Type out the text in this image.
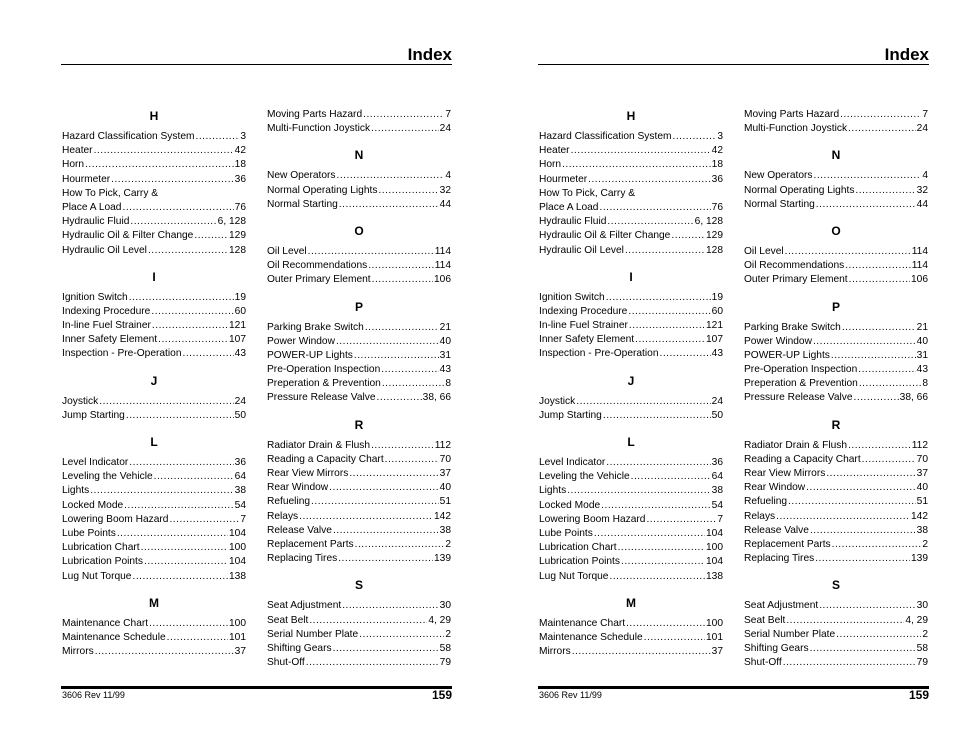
Index
H
Hazard Classification System .....	3
Heater .....	42
Horn .....	18
Hourmeter .....	36
How To Pick, Carry &
Place A Load .....	76
Hydraulic Fluid .....	6, 128
Hydraulic Oil & Filter Change .....	129
Hydraulic Oil Level .....	128
I
Ignition Switch .....	19
Indexing Procedure .....	60
In-line Fuel Strainer .....	121
Inner Safety Element .....	107
Inspection - Pre-Operation .....	43
J
Joystick .....	24
Jump Starting .....	50
L
Level Indicator .....	36
Leveling the Vehicle .....	64
Lights .....	38
Locked Mode .....	54
Lowering Boom Hazard .....	7
Lube Points .....	104
Lubrication Chart .....	100
Lubrication Points .....	104
Lug Nut Torque .....	138
M
Maintenance Chart .....	100
Maintenance Schedule .....	101
Mirrors .....	37
Moving Parts Hazard .....	7
Multi-Function Joystick .....	24
N
New Operators .....	4
Normal Operating Lights .....	32
Normal Starting .....	44
O
Oil Level .....	114
Oil Recommendations .....	114
Outer Primary Element .....	106
P
Parking Brake Switch .....	21
Power Window .....	40
POWER-UP Lights .....	31
Pre-Operation Inspection .....	43
Preperation & Prevention .....	8
Pressure Release Valve .....	38, 66
R
Radiator Drain & Flush .....	112
Reading a Capacity Chart .....	70
Rear View Mirrors .....	37
Rear Window .....	40
Refueling .....	51
Relays .....	142
Release Valve .....	38
Replacement Parts .....	2
Replacing Tires .....	139
S
Seat Adjustment .....	30
Seat Belt .....	4, 29
Serial Number Plate .....	2
Shifting Gears .....	58
Shut-Off .....	79
3606 Rev 11/99	159
Index
H
Hazard Classification System .....	3
Heater .....	42
Horn .....	18
Hourmeter .....	36
How To Pick, Carry &
Place A Load .....	76
Hydraulic Fluid .....	6, 128
Hydraulic Oil & Filter Change .....	129
Hydraulic Oil Level .....	128
I
Ignition Switch .....	19
Indexing Procedure .....	60
In-line Fuel Strainer .....	121
Inner Safety Element .....	107
Inspection - Pre-Operation .....	43
J
Joystick .....	24
Jump Starting .....	50
L
Level Indicator .....	36
Leveling the Vehicle .....	64
Lights .....	38
Locked Mode .....	54
Lowering Boom Hazard .....	7
Lube Points .....	104
Lubrication Chart .....	100
Lubrication Points .....	104
Lug Nut Torque .....	138
M
Maintenance Chart .....	100
Maintenance Schedule .....	101
Mirrors .....	37
Moving Parts Hazard .....	7
Multi-Function Joystick .....	24
N
New Operators .....	4
Normal Operating Lights .....	32
Normal Starting .....	44
O
Oil Level .....	114
Oil Recommendations .....	114
Outer Primary Element .....	106
P
Parking Brake Switch .....	21
Power Window .....	40
POWER-UP Lights .....	31
Pre-Operation Inspection .....	43
Preperation & Prevention .....	8
Pressure Release Valve .....	38, 66
R
Radiator Drain & Flush .....	112
Reading a Capacity Chart .....	70
Rear View Mirrors .....	37
Rear Window .....	40
Refueling .....	51
Relays .....	142
Release Valve .....	38
Replacement Parts .....	2
Replacing Tires .....	139
S
Seat Adjustment .....	30
Seat Belt .....	4, 29
Serial Number Plate .....	2
Shifting Gears .....	58
Shut-Off .....	79
3606 Rev 11/99	159
